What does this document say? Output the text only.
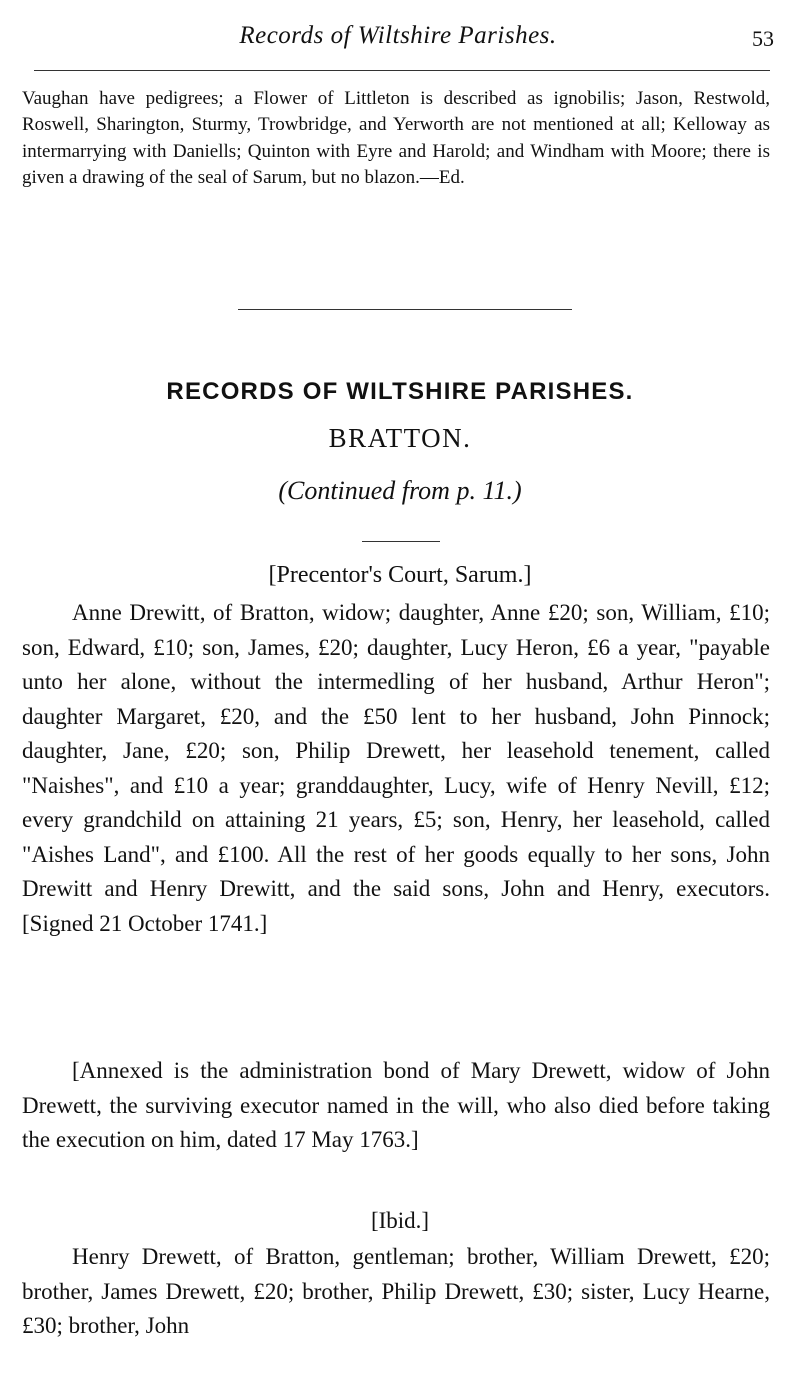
Records of Wiltshire Parishes.	53
Vaughan have pedigrees; a Flower of Littleton is described as ignobilis; Jason, Restwold, Roswell, Sharington, Sturmy, Trowbridge, and Yerworth are not mentioned at all; Kelloway as intermarrying with Daniells; Quinton with Eyre and Harold; and Windham with Moore; there is given a drawing of the seal of Sarum, but no blazon.—Ed.
RECORDS OF WILTSHIRE PARISHES.
BRATTON.
(Continued from p. 11.)
[Precentor's Court, Sarum.]
Anne Drewitt, of Bratton, widow; daughter, Anne £20; son, William, £10; son, Edward, £10; son, James, £20; daughter, Lucy Heron, £6 a year, "payable unto her alone, without the intermedling of her husband, Arthur Heron"; daughter Margaret, £20, and the £50 lent to her husband, John Pinnock; daughter, Jane, £20; son, Philip Drewett, her leasehold tenement, called "Naishes", and £10 a year; granddaughter, Lucy, wife of Henry Nevill, £12; every grandchild on attaining 21 years, £5; son, Henry, her leasehold, called "Aishes Land", and £100. All the rest of her goods equally to her sons, John Drewitt and Henry Drewitt, and the said sons, John and Henry, executors. [Signed 21 October 1741.]
[Annexed is the administration bond of Mary Drewett, widow of John Drewett, the surviving executor named in the will, who also died before taking the execution on him, dated 17 May 1763.]
[Ibid.]
Henry Drewett, of Bratton, gentleman; brother, William Drewett, £20; brother, James Drewett, £20; brother, Philip Drewett, £30; sister, Lucy Hearne, £30; brother, John
